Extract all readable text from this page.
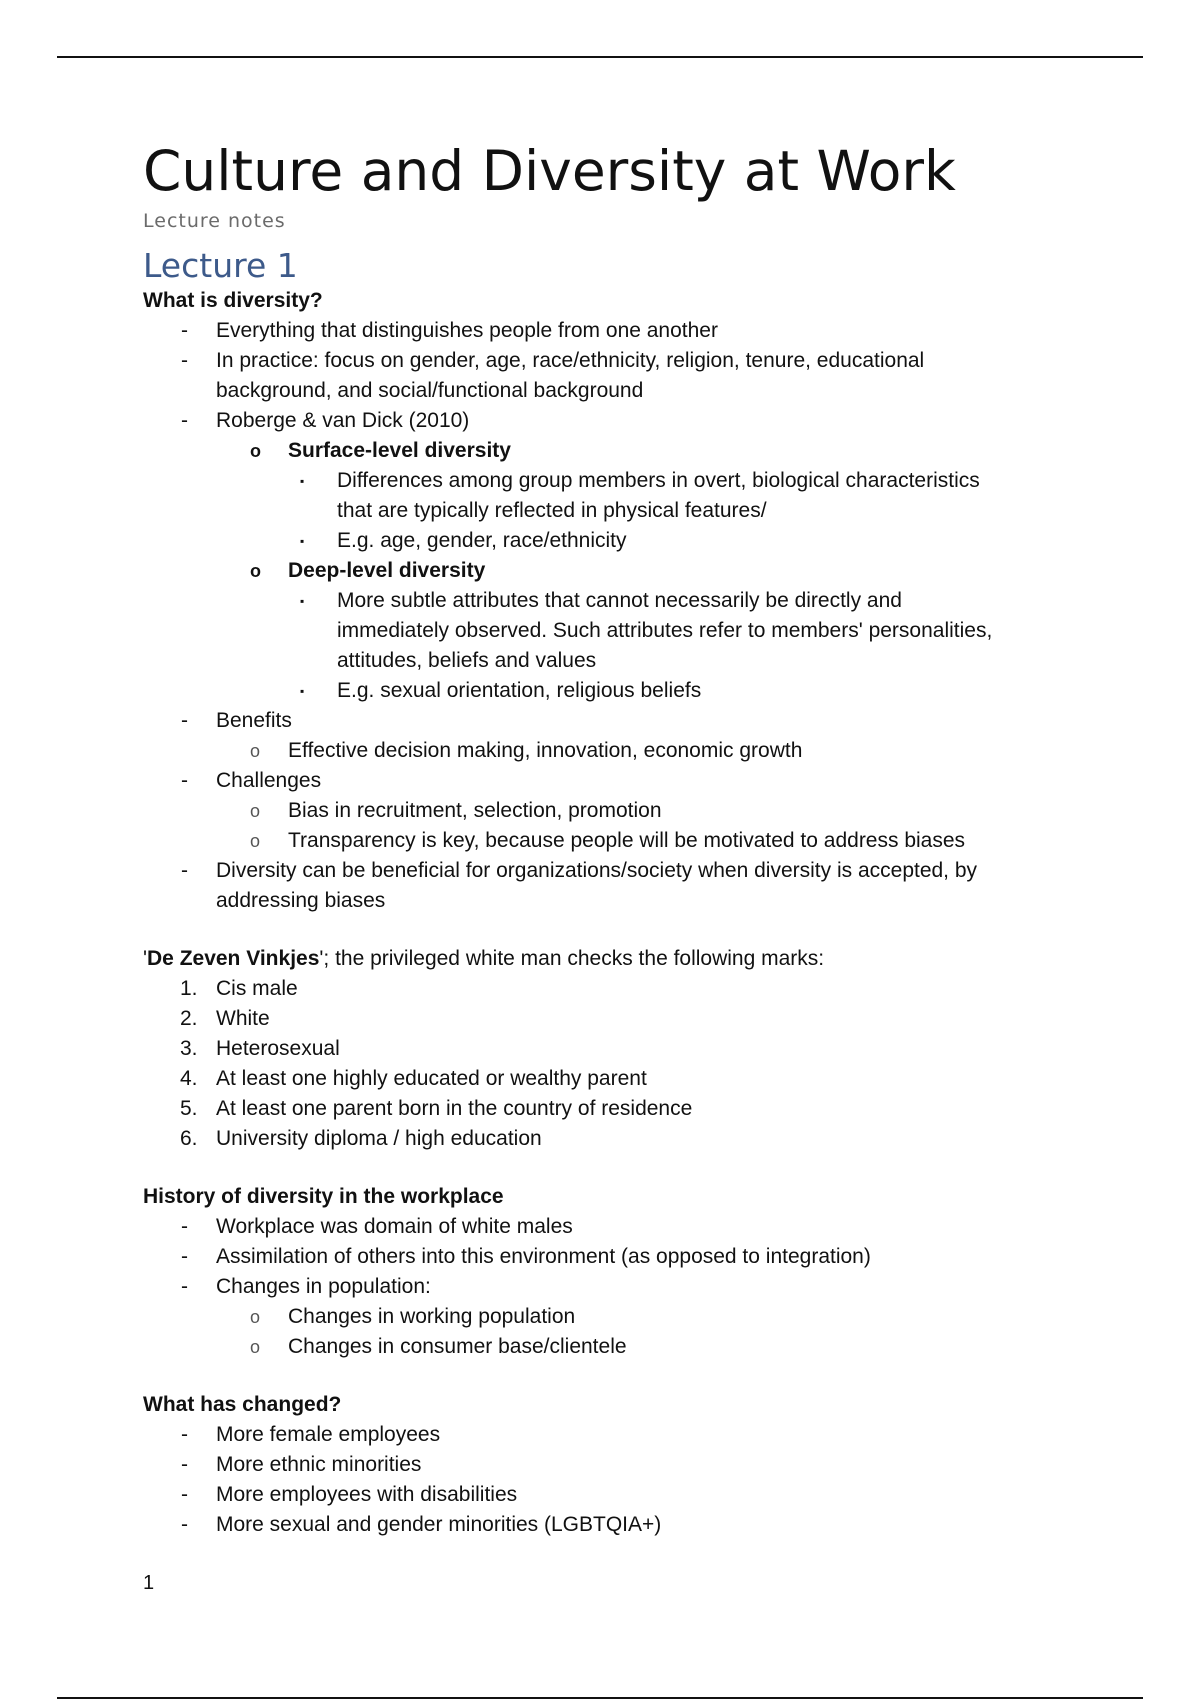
Culture and Diversity at Work
Lecture notes
Lecture 1
What is diversity?
- Everything that distinguishes people from one another
- In practice: focus on gender, age, race/ethnicity, religion, tenure, educational
background, and social/functional background
- Roberge & van Dick (2010)
o Surface-level diversity
▪ Differences among group members in overt, biological characteristics
that are typically reflected in physical features/
▪ E.g. age, gender, race/ethnicity
o Deep-level diversity
▪ More subtle attributes that cannot necessarily be directly and
immediately observed. Such attributes refer to members' personalities,
attitudes, beliefs and values
▪ E.g. sexual orientation, religious beliefs
- Benefits
o Effective decision making, innovation, economic growth
- Challenges
o Bias in recruitment, selection, promotion
o Transparency is key, because people will be motivated to address biases
- Diversity can be beneficial for organizations/society when diversity is accepted, by
addressing biases
'De Zeven Vinkjes'; the privileged white man checks the following marks:
1. Cis male
2. White
3. Heterosexual
4. At least one highly educated or wealthy parent
5. At least one parent born in the country of residence
6. University diploma / high education
History of diversity in the workplace
- Workplace was domain of white males
- Assimilation of others into this environment (as opposed to integration)
- Changes in population:
o Changes in working population
o Changes in consumer base/clientele
What has changed?
- More female employees
- More ethnic minorities
- More employees with disabilities
- More sexual and gender minorities (LGBTQIA+)
1
